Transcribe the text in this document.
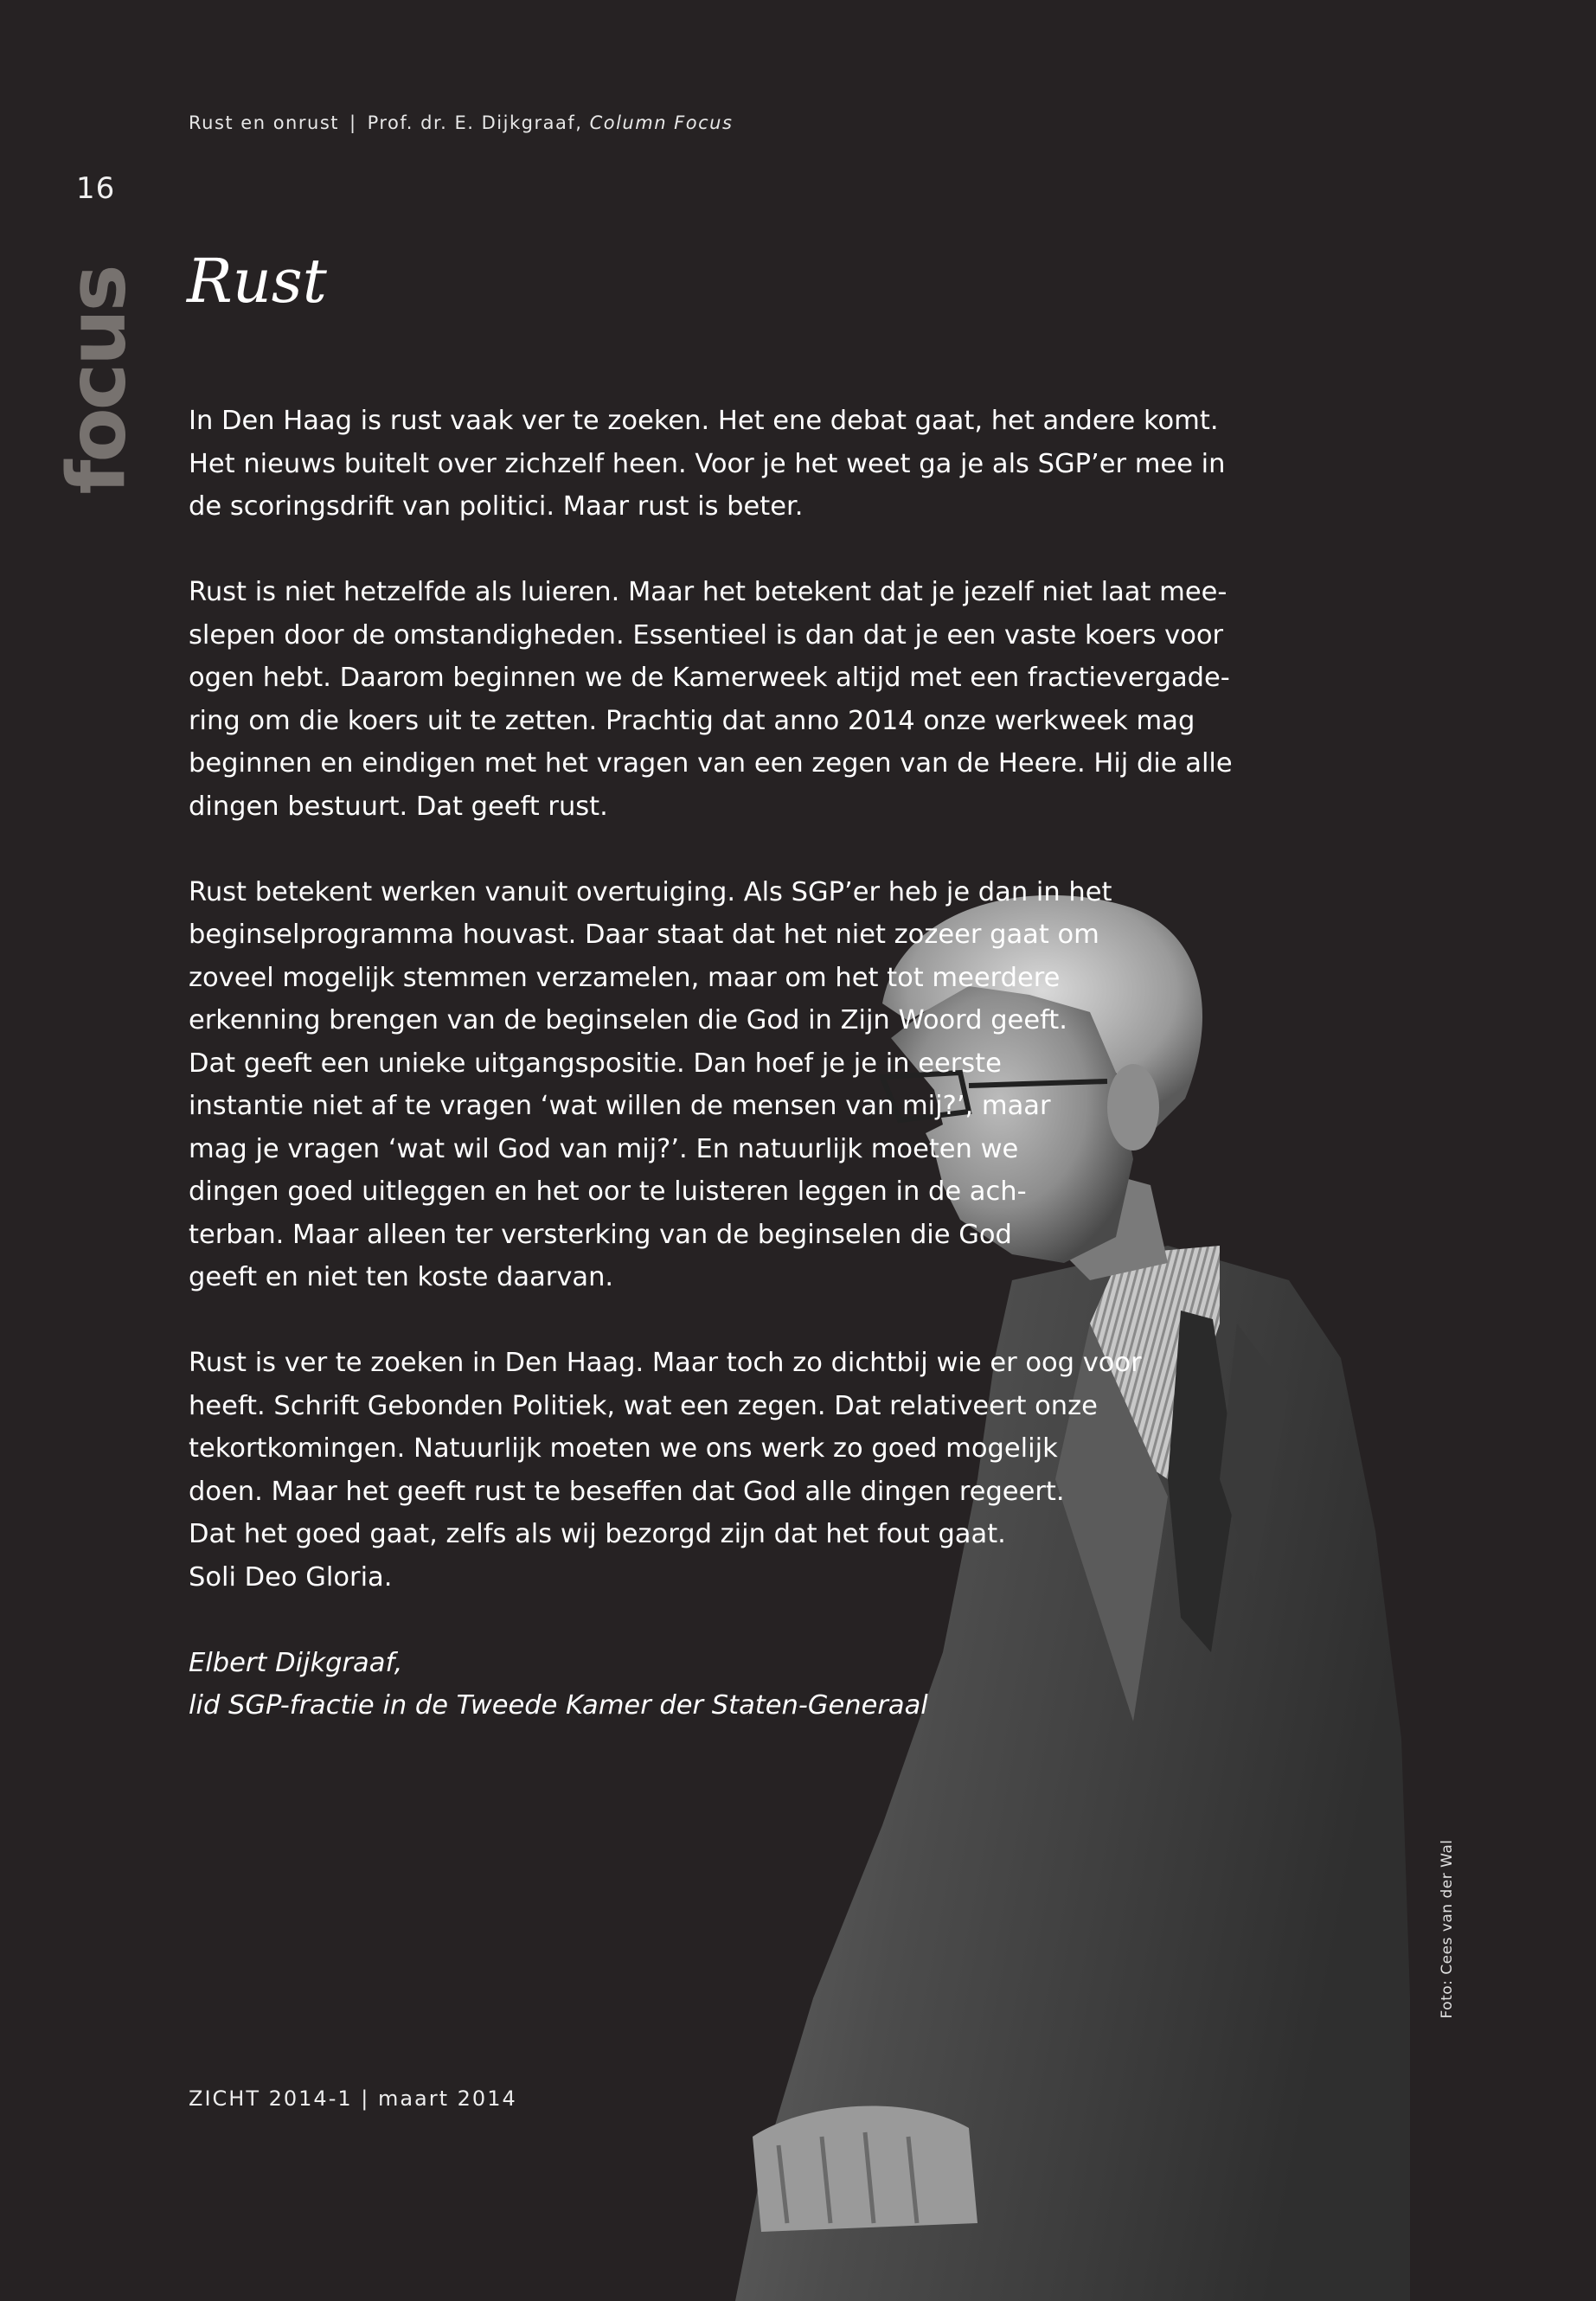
Rust en onrust | Prof. dr. E. Dijkgraaf, Column Focus
16
focus Rust

In Den Haag is rust vaak ver te zoeken. Het ene debat gaat, het andere komt.
Het nieuws buitelt over zichzelf heen. Voor je het weet ga je als SGP’er mee in
de scoringsdrift van politici. Maar rust is beter.

Rust is niet hetzelfde als luieren. Maar het betekent dat je jezelf niet laat mee-
slepen door de omstandigheden. Essentieel is dan dat je een vaste koers voor
ogen hebt. Daarom beginnen we de Kamerweek altijd met een fractievergade-
ring om die koers uit te zetten. Prachtig dat anno 2014 onze werkweek mag
beginnen en eindigen met het vragen van een zegen van de Heere. Hij die alle
dingen bestuurt. Dat geeft rust.

Rust betekent werken vanuit overtuiging. Als SGP’er heb je dan in het
beginselprogramma houvast. Daar staat dat het niet zozeer gaat om
zoveel mogelijk stemmen verzamelen, maar om het tot meerdere
erkenning brengen van de beginselen die God in Zijn Woord geeft.
Dat geeft een unieke uitgangspositie. Dan hoef je je in eerste
instantie niet af te vragen ‘wat willen de mensen van mij?’, maar
mag je vragen ‘wat wil God van mij?’. En natuurlijk moeten we
dingen goed uitleggen en het oor te luisteren leggen in de ach-
terban. Maar alleen ter versterking van de beginselen die God
geeft en niet ten koste daarvan.

Rust is ver te zoeken in Den Haag. Maar toch zo dichtbij wie er oog voor
heeft. Schrift Gebonden Politiek, wat een zegen. Dat relativeert onze
tekortkomingen. Natuurlijk moeten we ons werk zo goed mogelijk
doen. Maar het geeft rust te beseffen dat God alle dingen regeert.
Dat het goed gaat, zelfs als wij bezorgd zijn dat het fout gaat.
Soli Deo Gloria.

Elbert Dijkgraaf,
lid SGP-fractie in de Tweede Kamer der Staten-Generaal

Foto: Cees van der Wal
ZICHT 2014-1 | maart 2014
